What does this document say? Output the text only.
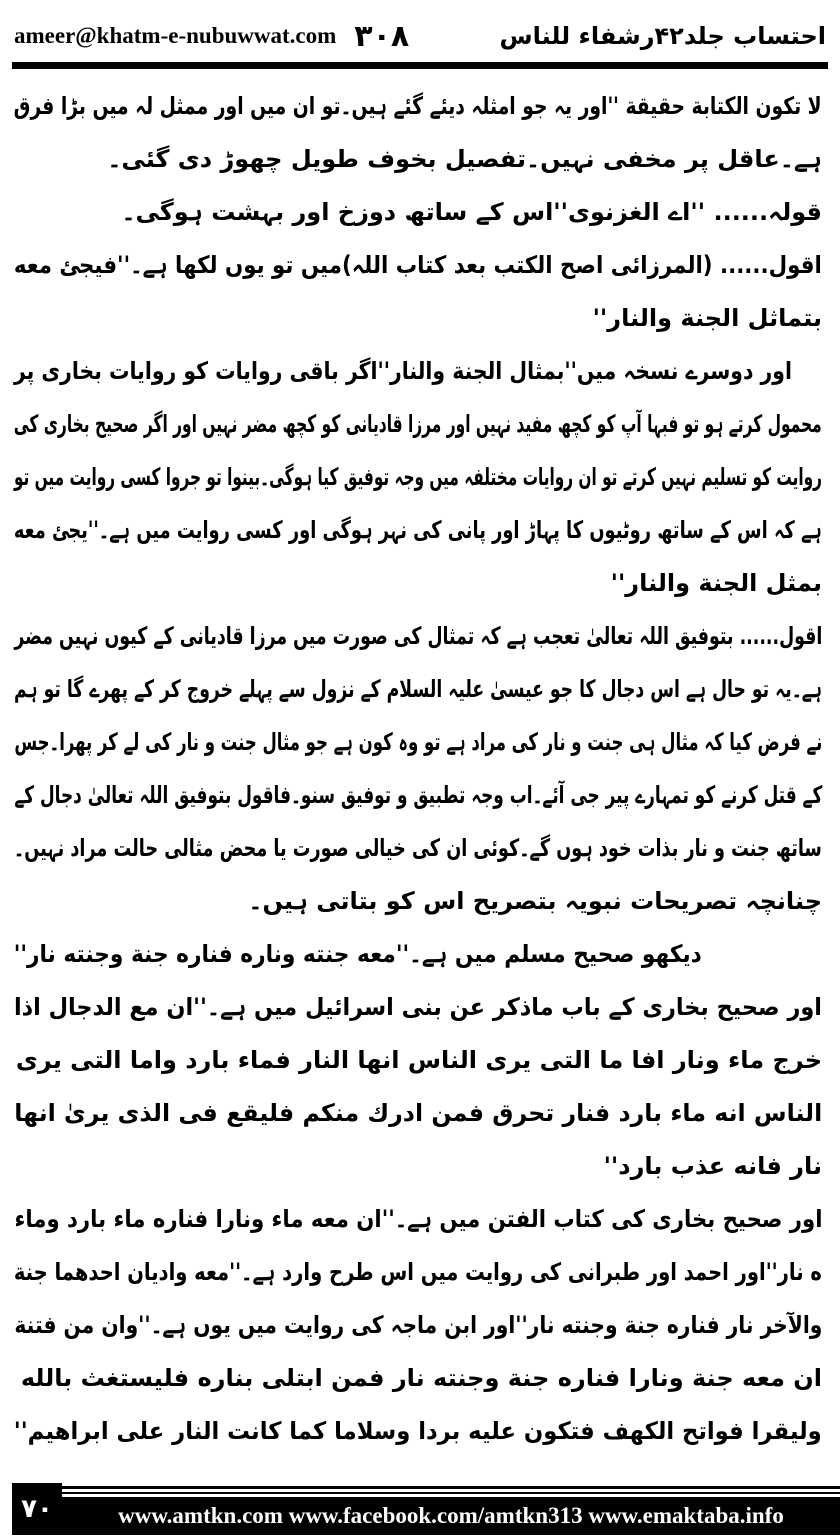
ameer@khatm-e-nubuwwat.com ٣٠٨	احتساب جلد۴۲رشفاء للناس
لا تکون الکتابة حقیقة ''اور یہ جو امثلہ دیئے گئے ہیں۔تو ان میں اور ممثل لہ میں بڑا فرق
ہے۔عاقل پر مخفی نہیں۔تفصیل بخوف طویل چھوڑ دی گئی۔
قولہ...... ''اے الغزنوی''اس کے ساتھ دوزخ اور بہشت ہوگی۔
اقول...... (المرزائی اصح الکتب بعد کتاب اللہ)میں تو یوں لکھا ہے۔''فیجئ معه
بتماثل الجنة والنار''
اور دوسرے نسخہ میں''بمثال الجنة والنار''اگر باقی روایات کو روایات بخاری پر
محمول کرتے ہو تو فبہا آپ کو کچھ مفید نہیں اور مرزا قادیانی کو کچھ مضر نہیں اور اگر صحیح بخاری کی
روایت کو تسلیم نہیں کرتے تو ان روایات مختلفہ میں وجہ توفیق کیا ہوگی۔بینوا تو جروا کسی روایت میں تو
ہے کہ اس کے ساتھ روٹیوں کا پہاڑ اور پانی کی نہر ہوگی اور کسی روایت میں ہے۔''یجئ معه
بمثل الجنة والنار''
اقول...... بتوفیق اللہ تعالیٰ تعجب ہے کہ تمثال کی صورت میں مرزا قادیانی کے کیوں نہیں مضر
ہے۔یہ تو حال ہے اس دجال کا جو عیسیٰ علیہ السلام کے نزول سے پہلے خروج کر کے پھرے گا تو ہم
نے فرض کیا کہ مثال ہی جنت و نار کی مراد ہے تو وہ کون ہے جو مثال جنت و نار کی لے کر پھرا۔جس
کے قتل کرنے کو تمہارے پیر جی آئے۔اب وجہ تطبیق و توفیق سنو۔فاقول بتوفیق اللہ تعالیٰ دجال کے
ساتھ جنت و نار بذات خود ہوں گے۔کوئی ان کی خیالی صورت یا محض مثالی حالت مراد نہیں۔
چنانچہ تصریحات نبویہ بتصریح اس کو بتاتی ہیں۔
دیکھو صحیح مسلم میں ہے۔''معه جنته وناره فناره جنة وجنته نار''
اور صحیح بخاری کے باب ماذکر عن بنی اسرائیل میں ہے۔''ان مع الدجال اذا
خرج ماء ونار افا ما التی یری الناس انها النار فماء بارد واما التی یری
الناس انه ماء بارد فنار تحرق فمن ادرك منكم فليقع فى الذى يرىٰ انها
نار فانه عذب بارد''
اور صحیح بخاری کی کتاب الفتن میں ہے۔''ان معه ماء ونارا فناره ماء بارد وماء
ه نار''اور احمد اور طبرانی کی روایت میں اس طرح وارد ہے۔''معه وادیان احدهما جنة
والآخر نار فناره جنة وجنته نار''اور ابن ماجہ کی روایت میں یوں ہے۔''وان من فتنة
ان معه جنة ونارا فناره جنة وجنته نار فمن ابتلى بناره فليستغث بالله
وليقرا فواتح الكهف فتكون عليه بردا وسلاما كما كانت النار على ابراهيم''
۷۰	www.amtkn.com www.facebook.com/amtkn313 www.emaktaba.info
